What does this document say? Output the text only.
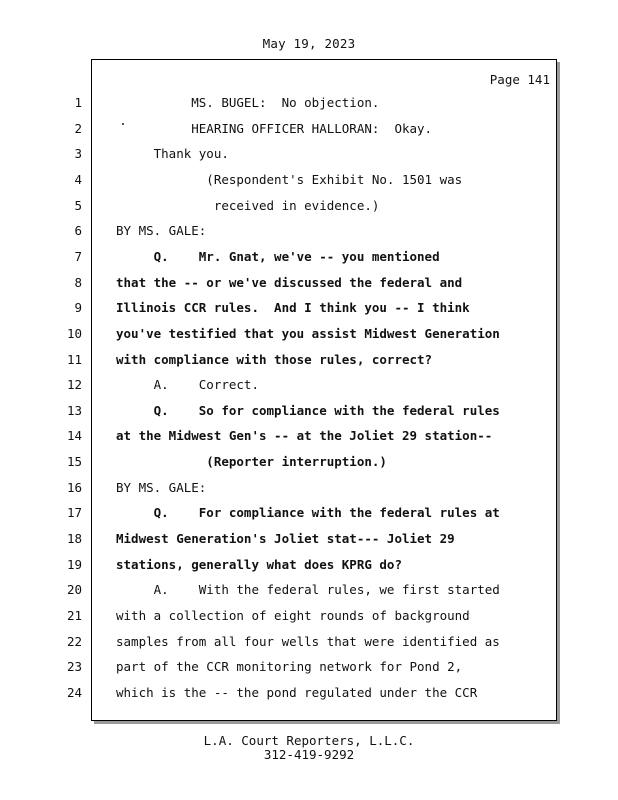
May 19, 2023
Page 141
1	MS. BUGEL:  No objection.
2	HEARING OFFICER HALLORAN:  Okay.
3	Thank you.
4	(Respondent's Exhibit No. 1501 was
5	received in evidence.)
6	BY MS. GALE:
7	Q.    Mr. Gnat, we've -- you mentioned
8	that the -- or we've discussed the federal and
9	Illinois CCR rules.  And I think you -- I think
10	you've testified that you assist Midwest Generation
11	with compliance with those rules, correct?
12	A.    Correct.
13	Q.    So for compliance with the federal rules
14	at the Midwest Gen's -- at the Joliet 29 station--
15	(Reporter interruption.)
16	BY MS. GALE:
17	Q.    For compliance with the federal rules at
18	Midwest Generation's Joliet stat--- Joliet 29
19	stations, generally what does KPRG do?
20	A.    With the federal rules, we first started
21	with a collection of eight rounds of background
22	samples from all four wells that were identified as
23	part of the CCR monitoring network for Pond 2,
24	which is the -- the pond regulated under the CCR
L.A. Court Reporters, L.L.C.
312-419-9292
